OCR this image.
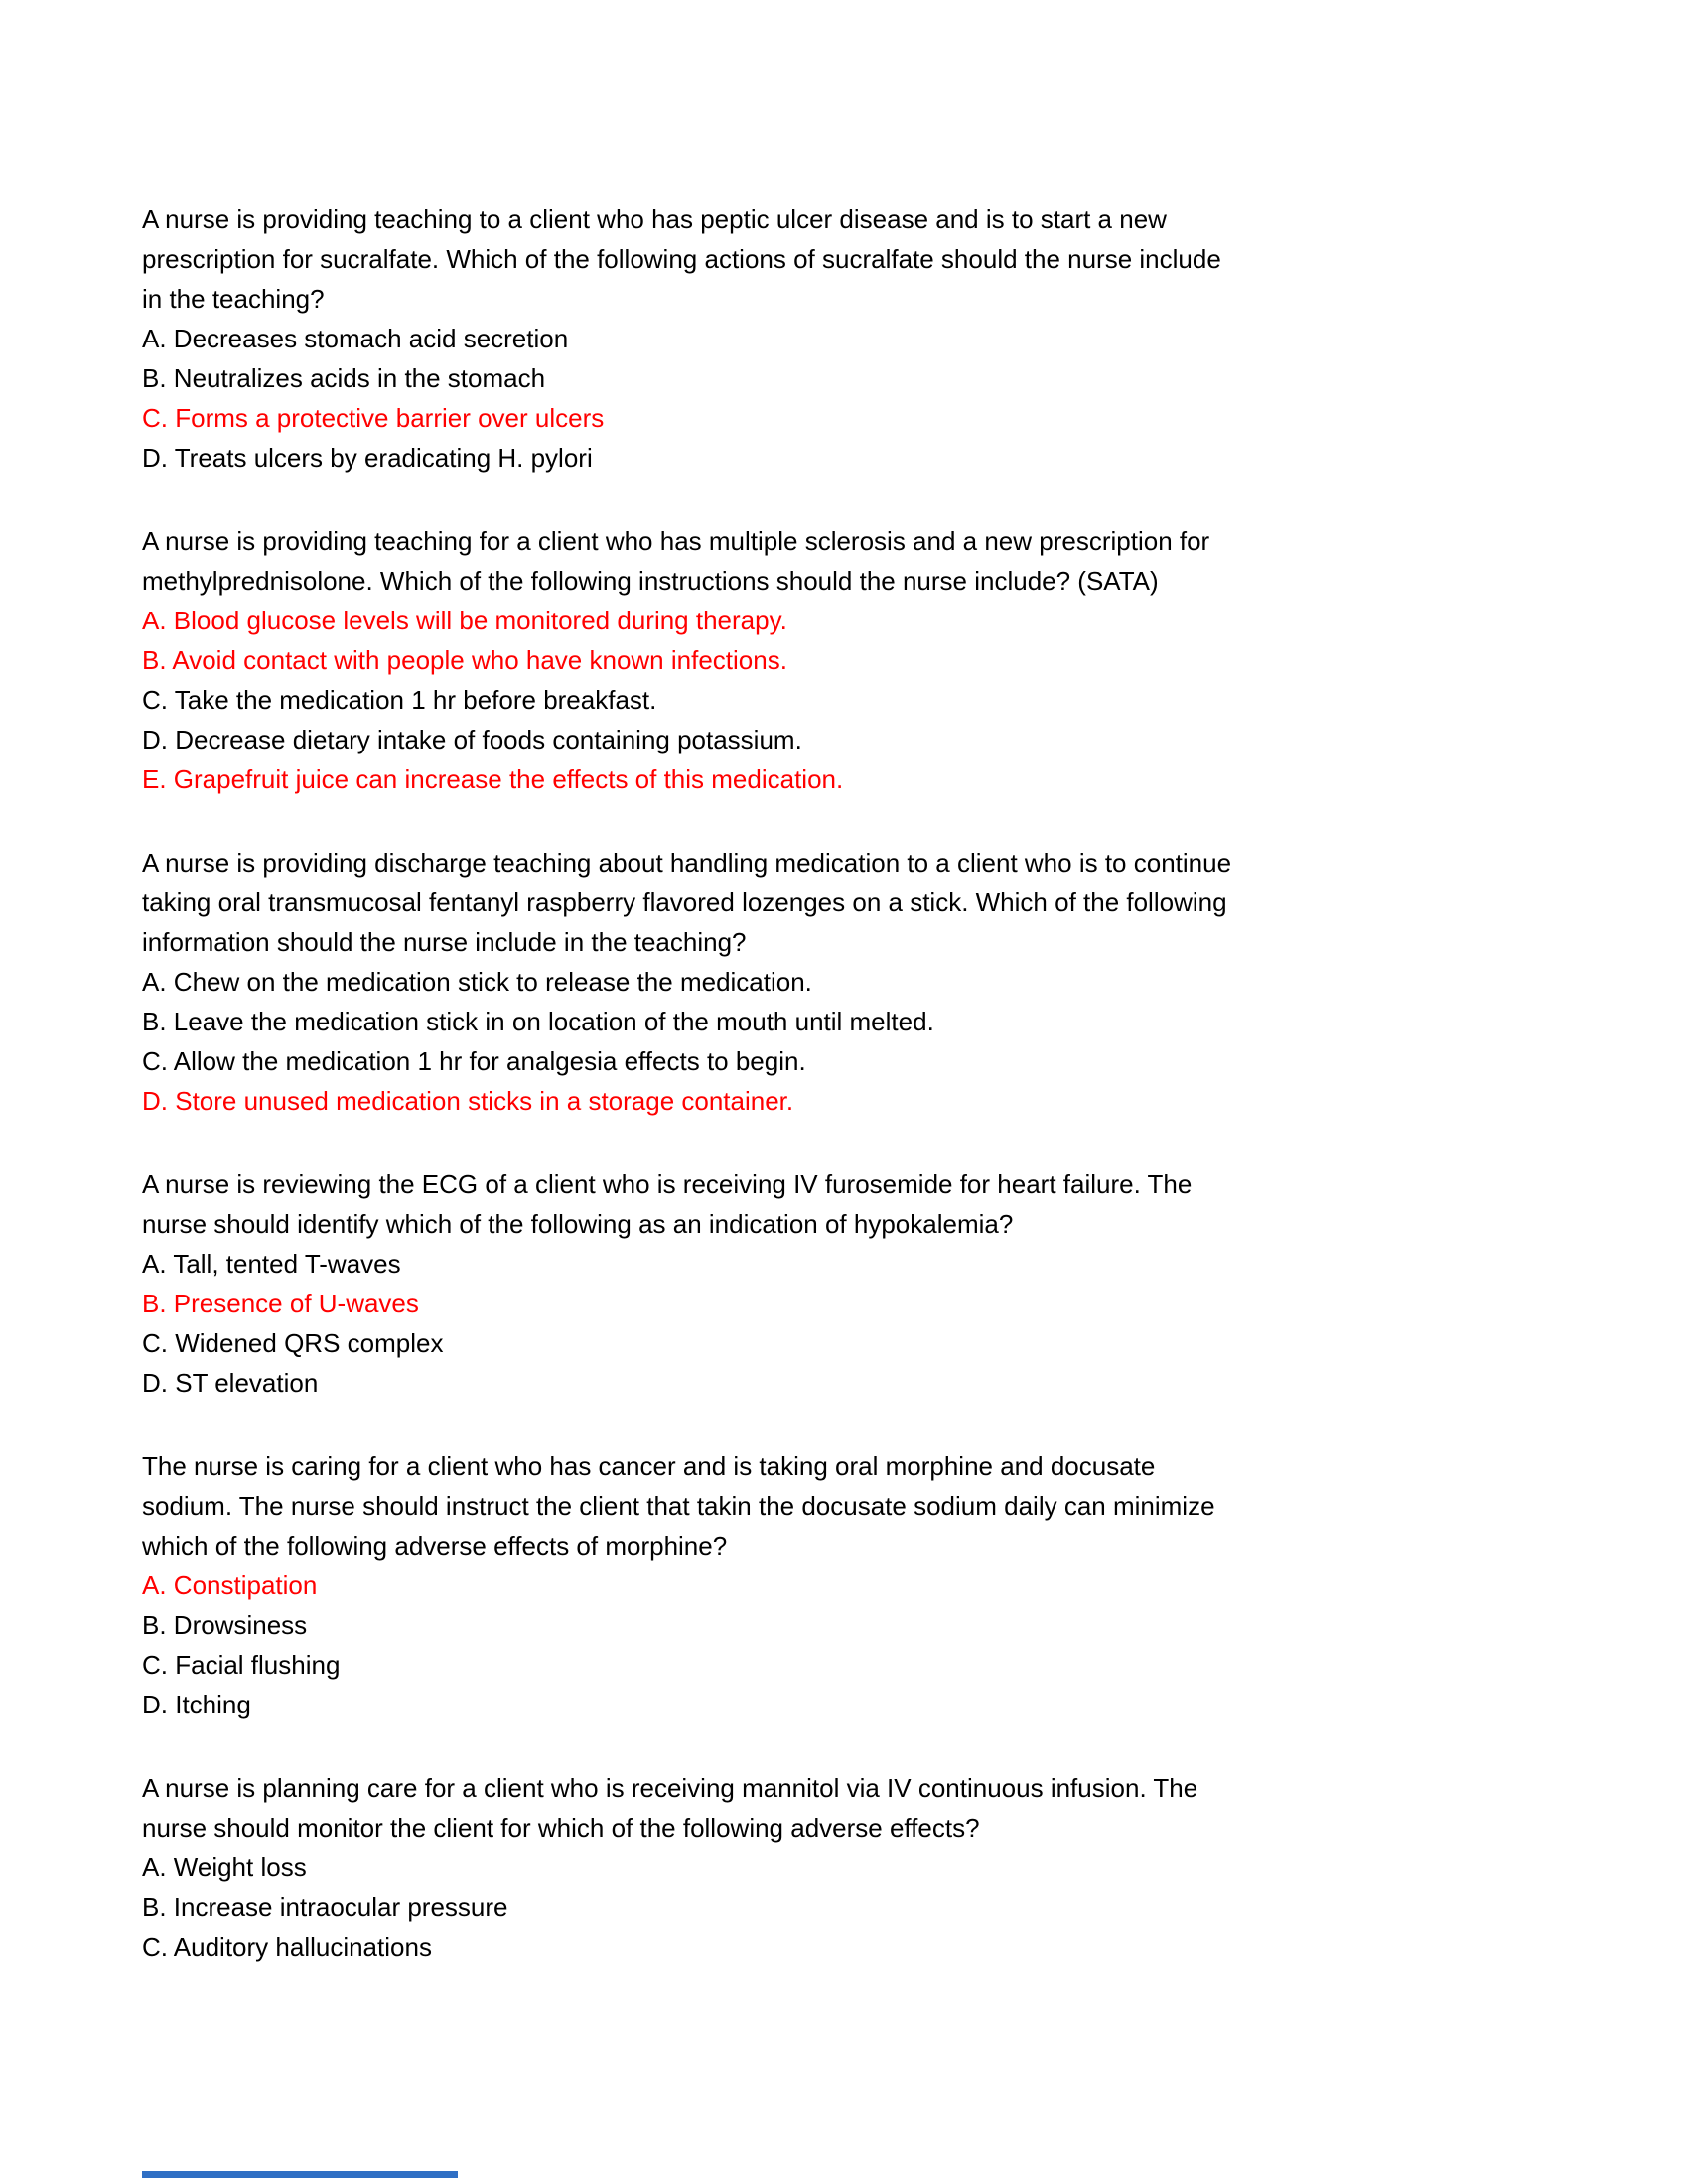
A nurse is providing teaching to a client who has peptic ulcer disease and is to start a new
prescription for sucralfate. Which of the following actions of sucralfate should the nurse include
in the teaching?
A. Decreases stomach acid secretion
B. Neutralizes acids in the stomach
C. Forms a protective barrier over ulcers
D. Treats ulcers by eradicating H. pylori
A nurse is providing teaching for a client who has multiple sclerosis and a new prescription for
methylprednisolone. Which of the following instructions should the nurse include? (SATA)
A. Blood glucose levels will be monitored during therapy.
B. Avoid contact with people who have known infections.
C. Take the medication 1 hr before breakfast.
D. Decrease dietary intake of foods containing potassium.
E. Grapefruit juice can increase the effects of this medication.
A nurse is providing discharge teaching about handling medication to a client who is to continue
taking oral transmucosal fentanyl raspberry flavored lozenges on a stick. Which of the following
information should the nurse include in the teaching?
A. Chew on the medication stick to release the medication.
B. Leave the medication stick in on location of the mouth until melted.
C. Allow the medication 1 hr for analgesia effects to begin.
D. Store unused medication sticks in a storage container.
A nurse is reviewing the ECG of a client who is receiving IV furosemide for heart failure. The
nurse should identify which of the following as an indication of hypokalemia?
A. Tall, tented T-waves
B. Presence of U-waves
C. Widened QRS complex
D. ST elevation
The nurse is caring for a client who has cancer and is taking oral morphine and docusate
sodium. The nurse should instruct the client that takin the docusate sodium daily can minimize
which of the following adverse effects of morphine?
A. Constipation
B. Drowsiness
C. Facial flushing
D. Itching
A nurse is planning care for a client who is receiving mannitol via IV continuous infusion. The
nurse should monitor the client for which of the following adverse effects?
A. Weight loss
B. Increase intraocular pressure
C. Auditory hallucinations
